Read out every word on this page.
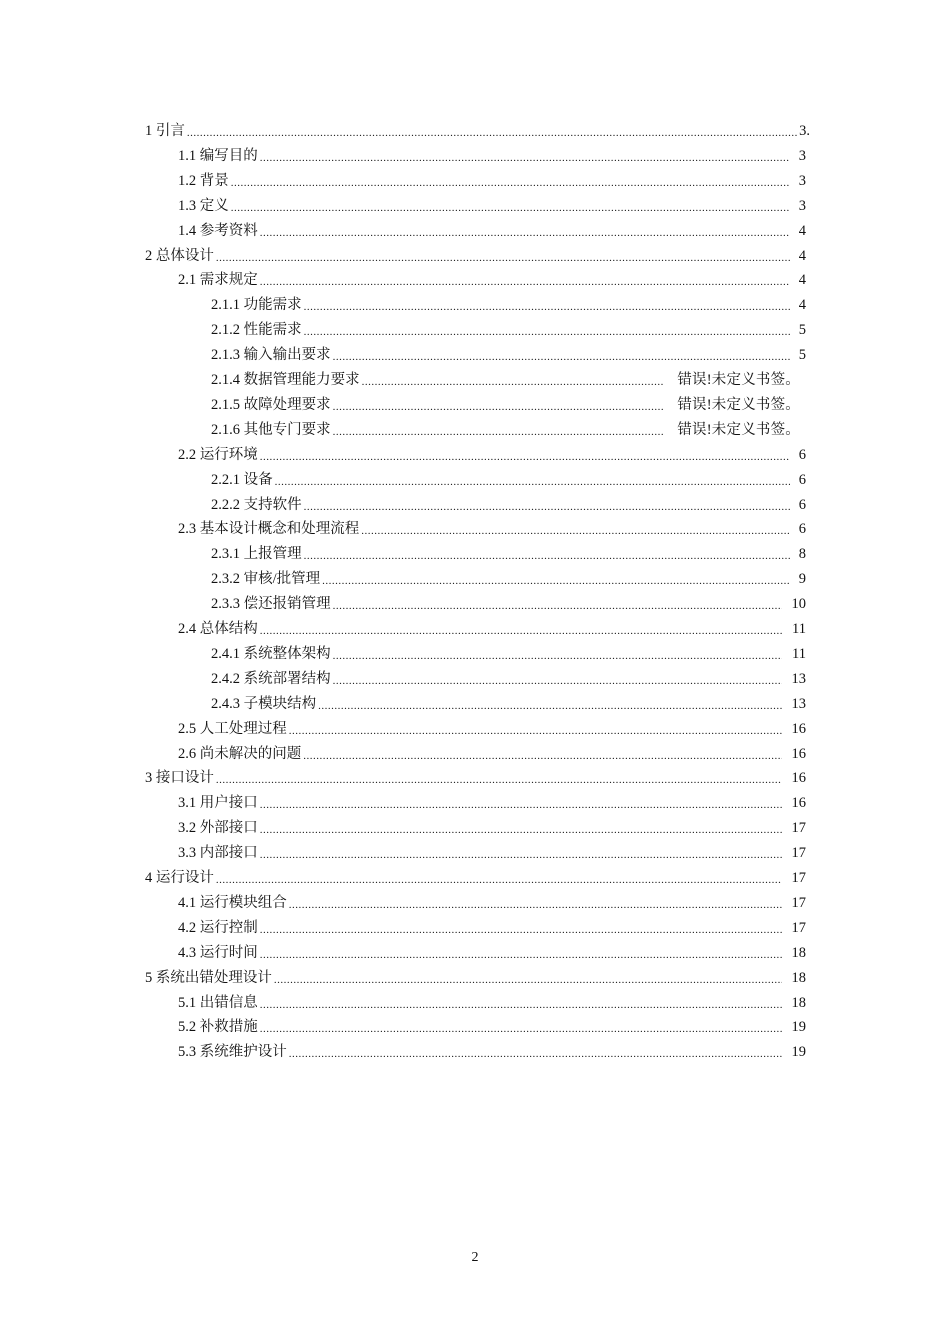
1 引言 .....	3.
1.1 编写目的 .....	3
1.2 背景 .....	3
1.3 定义 .....	3
1.4 参考资料 .....	4
2 总体设计 .....	4
2.1 需求规定 .....	4
2.1.1 功能需求 .....	4
2.1.2 性能需求 .....	5
2.1.3 输入输出要求 .....	5
2.1.4 数据管理能力要求 .....	错误!未定义书签。
2.1.5 故障处理要求 .....	错误!未定义书签。
2.1.6 其他专门要求 .....	错误!未定义书签。
2.2 运行环境 .....	6
2.2.1 设备 .....	6
2.2.2 支持软件 .....	6
2.3 基本设计概念和处理流程 .....	6
2.3.1 上报管理 .....	8
2.3.2 审核/批管理 .....	9
2.3.3 偿还报销管理 .....	10
2.4 总体结构 .....	11
2.4.1 系统整体架构 .....	11
2.4.2 系统部署结构 .....	13
2.4.3 子模块结构 .....	13
2.5 人工处理过程 .....	16
2.6 尚未解决的问题 .....	16
3 接口设计 .....	16
3.1 用户接口 .....	16
3.2 外部接口 .....	17
3.3 内部接口 .....	17
4 运行设计 .....	17
4.1 运行模块组合 .....	17
4.2 运行控制 .....	17
4.3 运行时间 .....	18
5 系统出错处理设计 .....	18
5.1 出错信息 .....	18
5.2 补救措施 .....	19
5.3 系统维护设计 .....	19
2
